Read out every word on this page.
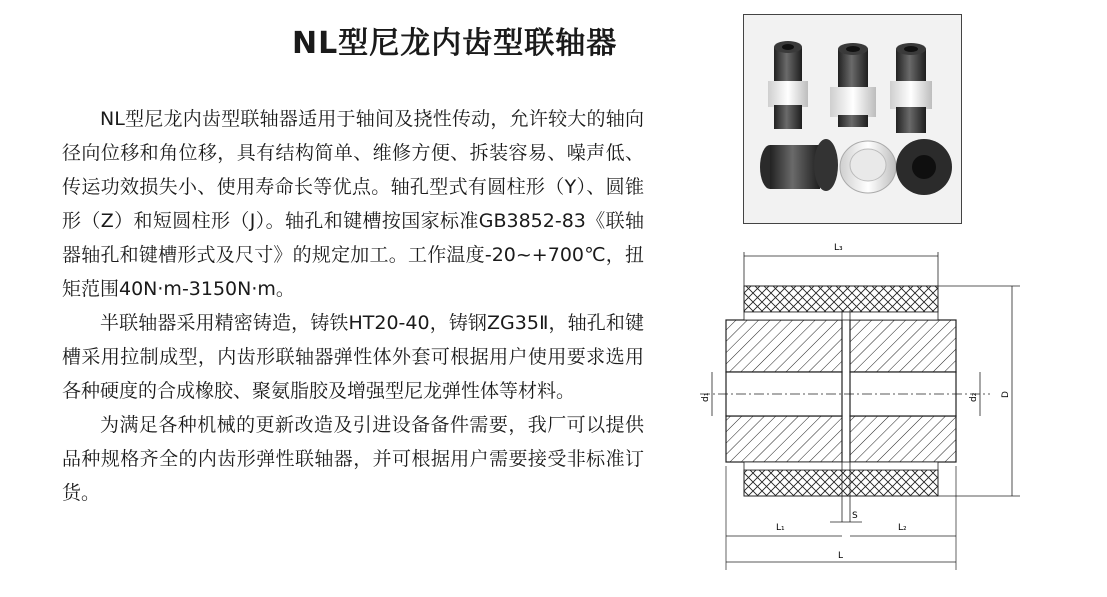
NL型尼龙内齿型联轴器

NL型尼龙内齿型联轴器适用于轴间及挠性传动，允许较大的轴向径向位移和角位移，具有结构简单、维修方便、拆装容易、噪声低、传运功效损失小、使用寿命长等优点。轴孔型式有圆柱形（Y）、圆锥形（Z）和短圆柱形（J）。轴孔和键槽按国家标准GB3852-83《联轴器轴孔和键槽形式及尺寸》的规定加工。工作温度-20~+700℃，扭矩范围40N·m-3150N·m。

半联轴器采用精密铸造，铸铁HT20-40，铸钢ZG35Ⅱ，轴孔和键槽采用拉制成型，内齿形联轴器弹性体外套可根据用户使用要求选用各种硬度的合成橡胶、聚氨脂胶及增强型尼龙弹性体等材料。

为满足各种机械的更新改造及引进设备备件需要，我厂可以提供品种规格齐全的内齿形弹性联轴器，并可根据用户需要接受非标准订货。

L₃
D
d₁	d₂
L₁
S
L₂
L
